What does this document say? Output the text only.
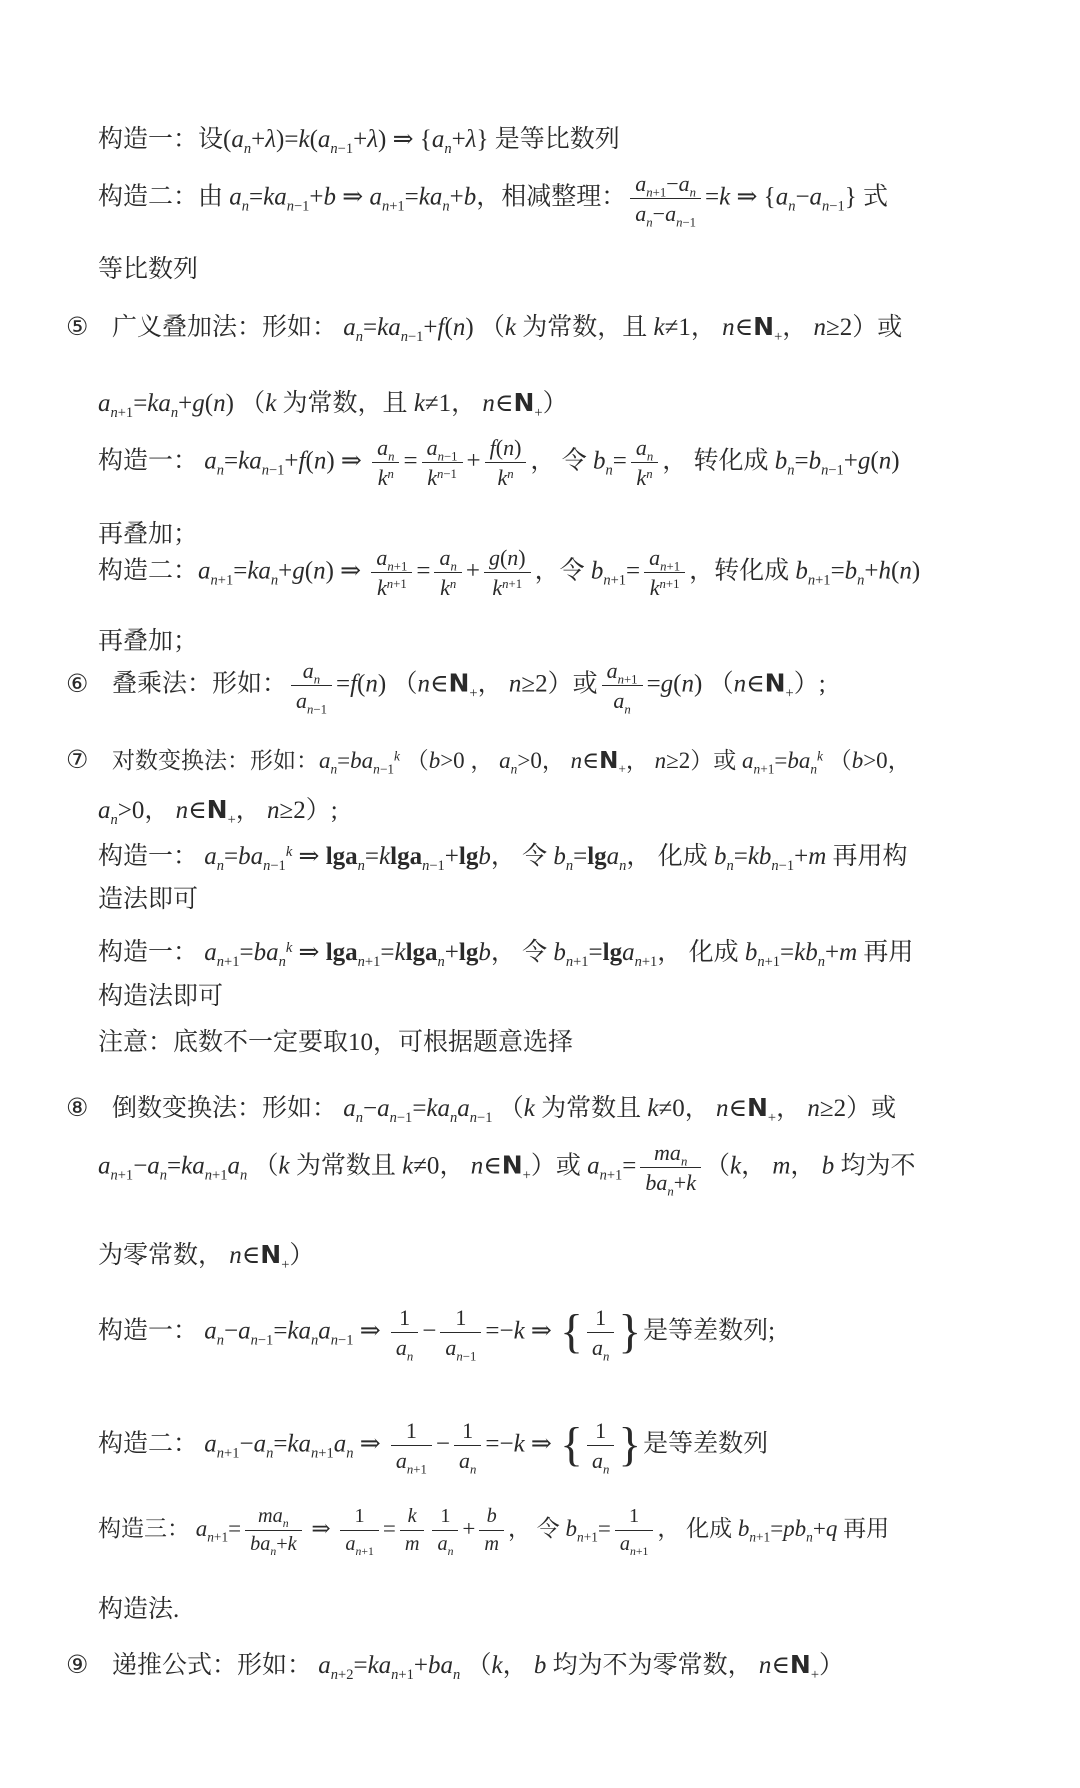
构造一：设$(a_n+\lambda)=k(a_{n-1}+\lambda)$ ⇒ $\{a_n+\lambda\}$ 是等比数列
构造二：由 $a_n=ka_{n-1}+b$ ⇒ $a_{n+1}=ka_n+b$，相减整理： $\frac{a_{n+1}-a_n}{a_n-a_{n-1}} =k$ ⇒ $\{a_n-a_{n-1}\}$ 式
等比数列
⑤ 广义叠加法：形如： $a_n=ka_{n-1}+f(n)$ （k 为常数，且 k≠1， $n\in N_+$， n≥2）或
$a_{n+1}=ka_n+g(n)$ （k 为常数，且 k≠1， $n\in N_+$）
构造一： $a_n=ka_{n-1}+f(n)$ ⇒ $\frac{a_n}{k^n} = \frac{a_{n-1}}{k^{n-1}} + \frac{f(n)}{k^n}$ ， 令 $b_n= \frac{a_n}{k^n}$ ， 转化成 $b_n=b_{n-1}+g(n)$
再叠加；
构造二：$a_{n+1}=ka_n+g(n)$ ⇒ $\frac{a_{n+1}}{k^{n+1}} = \frac{a_n}{k^n} + \frac{g(n)}{k^{n+1}}$ ，令 $b_{n+1}= \frac{a_{n+1}}{k^{n+1}}$ ，转化成 $b_{n+1}=b_n+h(n)$
再叠加；
⑥ 叠乘法：形如： $\frac{a_n}{a_{n-1}} =f(n)$ （$n\in N_+$， n≥2）或 $\frac{a_{n+1}}{a_n} =g(n)$ $(n\in N_+)$;
⑦ 对数变换法：形如：$a_n=ba_{n-1}^k$ （b>0 ， $a_n>0$， $n\in N_+$， n≥2）或 $a_{n+1}=ba_n^k$ （b>0，
$a_n>0$， $n\in N_+$， n≥2）;
构造一： $a_n=ba_{n-1}^k$ ⇒ lga$_n$=klga$_{n-1}$+lgb， 令 $b_n=\lg a_n$， 化成 $b_n=kb_{n-1}+m$ 再用构
造法即可
构造一： $a_{n+1}=ba_n^k$ ⇒ lga$_{n+1}$=klga$_n$+lgb， 令 $b_{n+1}=\lg a_{n+1}$， 化成 $b_{n+1}=kb_n+m$ 再用
构造法即可
注意：底数不一定要取10，可根据题意选择
⑧ 倒数变换法：形如： $a_n-a_{n-1}=ka_na_{n-1}$ （k 为常数且 k≠0， $n\in N_+$， n≥2）或
$a_{n+1}-a_n=ka_{n+1}a_n$ （k 为常数且 k≠0， $n\in N_+$）或 $a_{n+1}= \frac{ma_n}{ba_n+k} (k$， m， b 均为不
为零常数， $n\in N_+$）
构造一： $a_n-a_{n-1}=ka_na_{n-1}$ ⇒ $\frac{1}{a_n} - \frac{1}{a_{n-1}} =-k$ ⇒ { $\frac{1}{a_n}$ } 是等差数列;
构造二： $a_{n+1}-a_n=ka_{n+1}a_n$ ⇒ $\frac{1}{a_{n+1}} - \frac{1}{a_n} =-k$ ⇒ { $\frac{1}{a_n}$ } 是等差数列
构造三： $a_{n+1}= \frac{ma_n}{ba_n+k}$ ⇒ $\frac{1}{a_{n+1}} = \frac{k}{m} \frac{1}{a_n} + \frac{b}{m}$ ， 令 $b_{n+1}= \frac{1}{a_{n+1}}$ ， 化成 $b_{n+1}=pb_n+q$ 再用
构造法.
⑨ 递推公式：形如： $a_{n+2}=ka_{n+1}+ba_n$ （k， b 均为不为零常数， $n\in N_+$）
